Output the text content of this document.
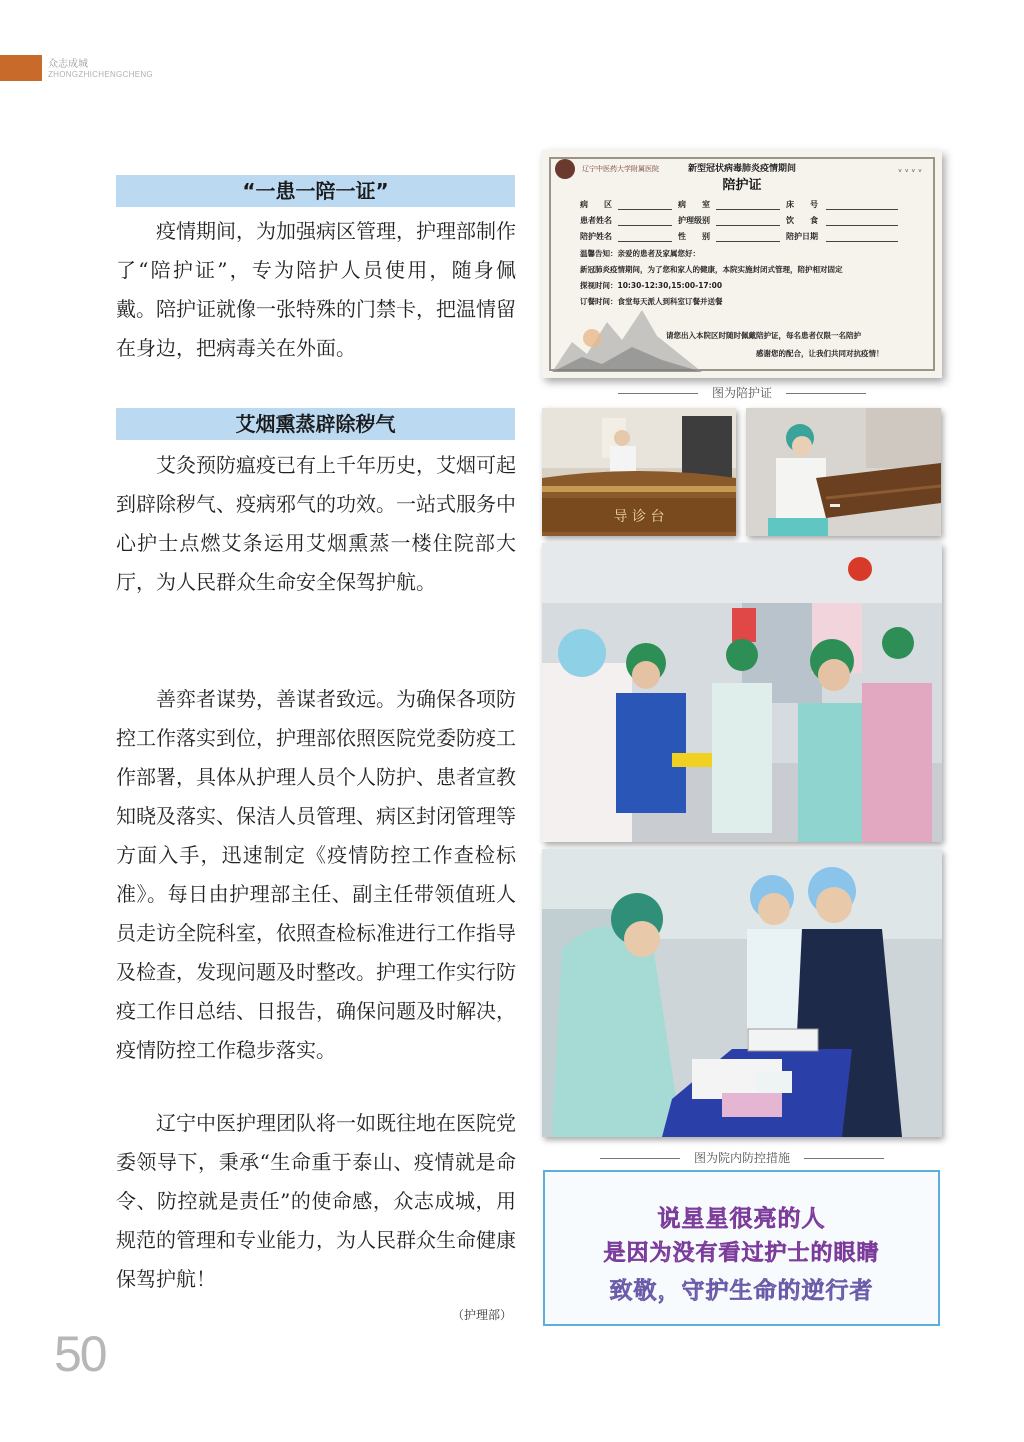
众志成城
ZHONGZHICHENGCHENG
“一患一陪一证”

疫情期间，为加强病区管理，护理部制作了“陪护证”，专为陪护人员使用，随身佩戴。陪护证就像一张特殊的门禁卡，把温情留在身边，把病毒关在外面。

艾烟熏蒸辟除秽气

艾灸预防瘟疫已有上千年历史，艾烟可起到辟除秽气、疫病邪气的功效。一站式服务中心护士点燃艾条运用艾烟熏蒸一楼住院部大厅，为人民群众生命安全保驾护航。

善弈者谋势，善谋者致远。为确保各项防控工作落实到位，护理部依照医院党委防疫工作部署，具体从护理人员个人防护、患者宣教知晓及落实、保洁人员管理、病区封闭管理等方面入手，迅速制定《疫情防控工作查检标准》。每日由护理部主任、副主任带领值班人员走访全院科室，依照查检标准进行工作指导及检查，发现问题及时整改。护理工作实行防疫工作日总结、日报告，确保问题及时解决，疫情防控工作稳步落实。

辽宁中医护理团队将一如既往地在医院党委领导下，秉承“生命重于泰山、疫情就是命令、防控就是责任”的使命感，众志成城，用规范的管理和专业能力，为人民群众生命健康保驾护航！

（护理部）
50
辽宁中医药大学附属医院	ᵛ ᵛ ᵛ ᵛ
新型冠状病毒肺炎疫情期间
陪护证
病　　区	病　　室	床　　号
患者姓名	护理级别	饮　　食
陪护姓名	性　　别	陪护日期
温馨告知：亲爱的患者及家属您好：
新冠肺炎疫情期间，为了您和家人的健康，本院实施封闭式管理，陪护相对固定
探视时间：10:30-12:30,15:00-17:00
订餐时间：食堂每天派人到科室订餐并送餐
请您出入本院区时随时佩戴陪护证，每名患者仅限一名陪护
感谢您的配合，让我们共同对抗疫情！
图为陪护证
导 诊 台
图为院内防控措施
说星星很亮的人
是因为没有看过护士的眼睛
致敬，守护生命的逆行者
